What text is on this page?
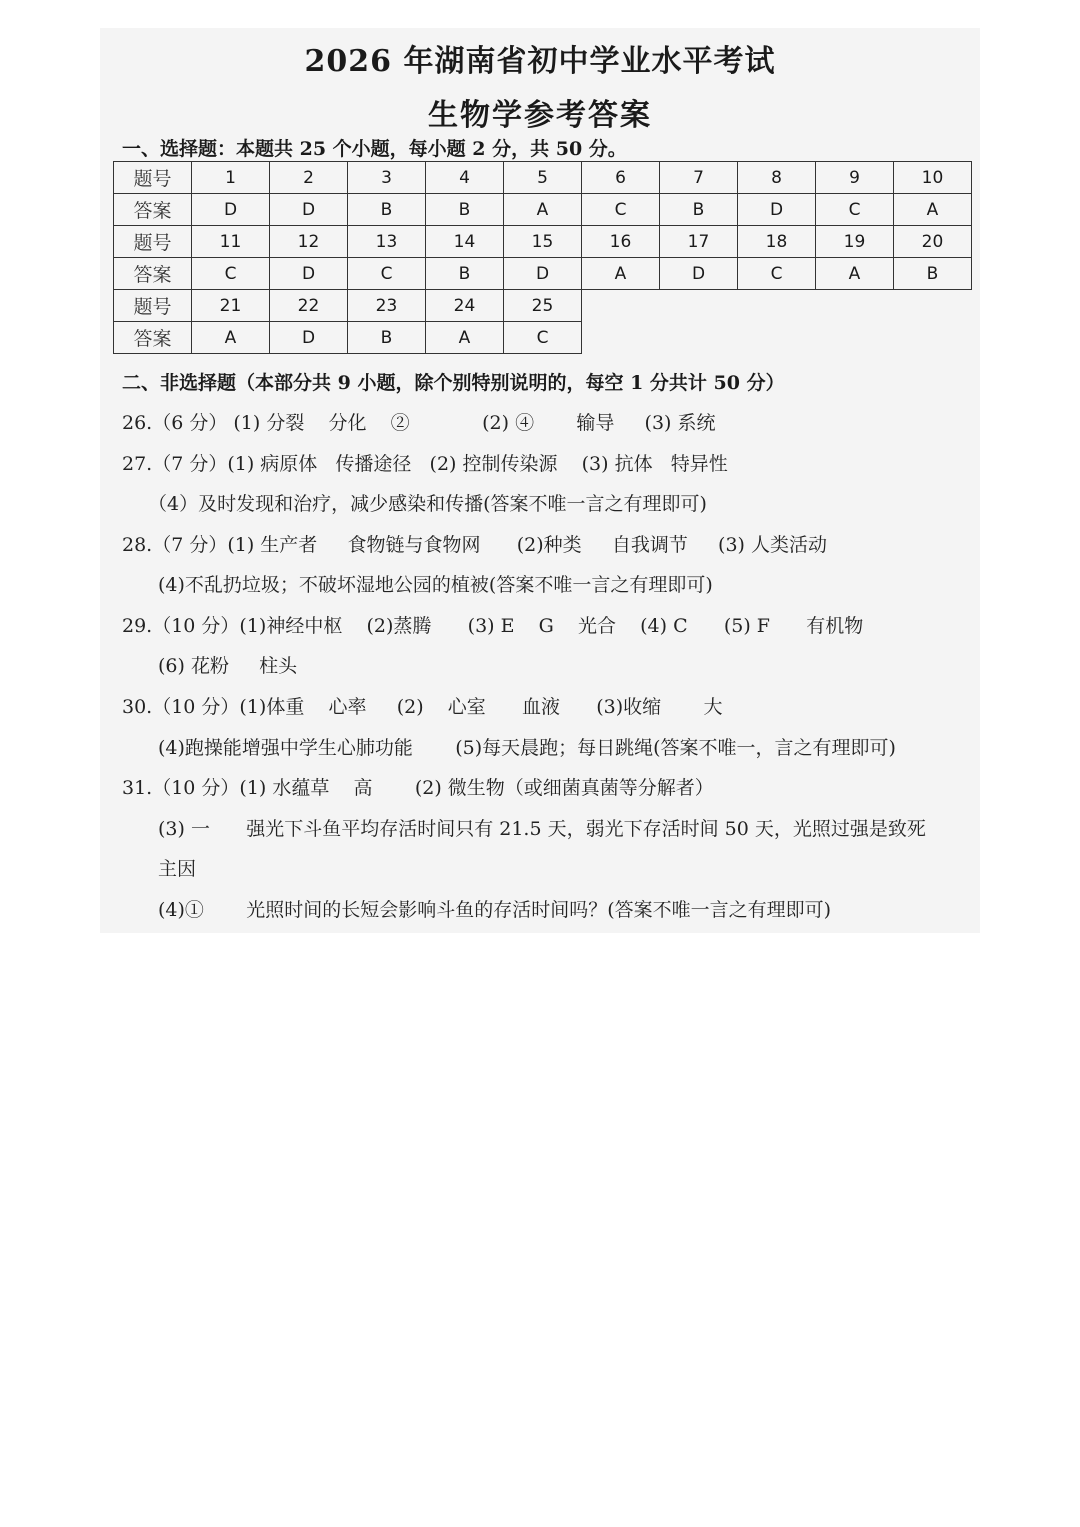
2026 年湖南省初中学业水平考试
生物学参考答案
一、选择题：本题共 25 个小题，每小题 2 分，共 50 分。
题号	1	2	3	4	5	6	7	8	9	10
答案	D	D	B	B	A	C	B	D	C	A
题号	11	12	13	14	15	16	17	18	19	20
答案	C	D	C	B	D	A	D	C	A	B
题号	21	22	23	24	25					
答案	A	D	B	A	C					
二、非选择题（本部分共 9 小题，除个别特别说明的，每空 1 分共计 50 分）
26.（6 分） (1) 分裂    分化    ②            (2) ④       输导     (3) 系统
27.（7 分）(1) 病原体   传播途径   (2) 控制传染源    (3) 抗体   特异性
（4）及时发现和治疗，减少感染和传播(答案不唯一言之有理即可)
28.（7 分）(1) 生产者     食物链与食物网      (2)种类     自我调节     (3) 人类活动
(4)不乱扔垃圾；不破坏湿地公园的植被(答案不唯一言之有理即可)
29.（10 分）(1)神经中枢    (2)蒸腾      (3) E    G    光合    (4) C      (5) F      有机物
(6) 花粉     柱头
30.（10 分）(1)体重    心率     (2)    心室      血液      (3)收缩       大
(4)跑操能增强中学生心肺功能       (5)每天晨跑；每日跳绳(答案不唯一，言之有理即可)
31.（10 分）(1) 水蕴草    高       (2) 微生物（或细菌真菌等分解者）
(3) 一      强光下斗鱼平均存活时间只有 21.5 天，弱光下存活时间 50 天，光照过强是致死
主因
(4)①       光照时间的长短会影响斗鱼的存活时间吗？(答案不唯一言之有理即可)
